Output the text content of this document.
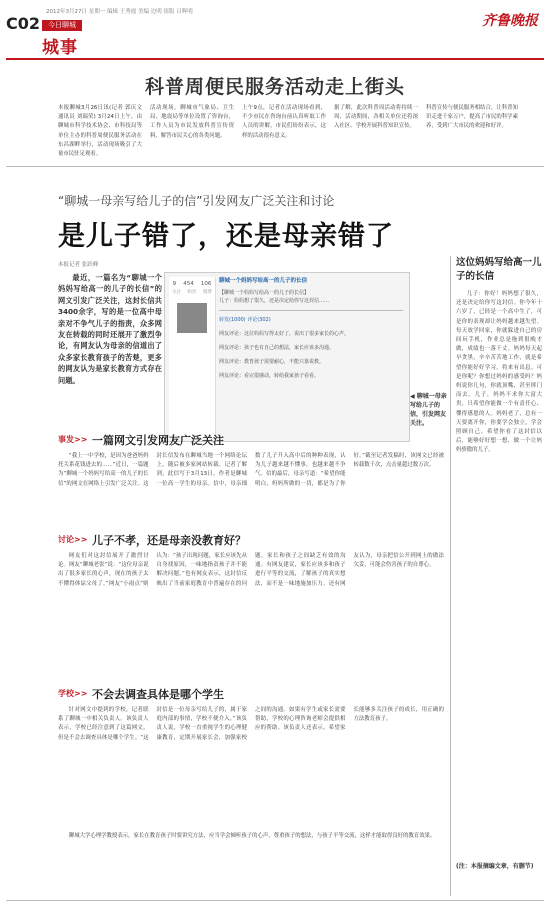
C02
2012年3月27日 星期一 编辑 王秀霞 美编 边明 组版 吕辉明
今日聊城
城事
齐鲁晚报
科普周便民服务活动走上街头
本报聊城3月26日讯(记者 郭庆文 通讯员 刘瑞荣) 3月24日上午，由聊城市科学技术协会、市科技局等单位主办的科普周便民服务活动在东昌湖畔举行，活动现场吸引了大量市民驻足观看。
活动现场，聊城市气象局、卫生局、地震局等单位设置了咨询台，工作人员为市民发放科普宣传资料，解答市民关心的各类问题。
上午9点，记者在活动现场看到，不少市民在咨询台前认真听取工作人员的讲解，市民们纷纷表示，这样的活动很有意义。
据了解，此次科普周活动将持续一周，活动期间，各相关单位还将深入社区、学校开展科普知识宣传。
科普宣传与便民服务相结合，让科普知识走进千家万户，提高了市民的科学素养，受到广大市民的欢迎和好评。
“聊城一母亲写给儿子的信”引发网友广泛关注和讨论
是儿子错了，还是母亲错了
本报记者 张跃峰
最近，一篇名为“聊城一个妈妈写给高一的儿子的长信”的网文引发广泛关注，这封长信共3400余字，写的是一位高中母亲对不争气儿子的指责，众多网友在转载的同时还展开了激烈争论，有网友认为母亲的信道出了众多家长教育孩子的苦楚，更多的网友认为是家长教育方式存在问题。
9 454 106
关注 粉丝 微博
聊城一个妈妈写给高一的儿子的长信
【聊城一个妈妈写给高一的儿子的长信】
儿子：妈妈想了很久，还是决定给你写这封信……
转发(1000) 评论(302)
网友评论：这位妈妈写得太好了，说出了很多家长的心声。
网友评论：孩子也有自己的想法，家长应该多沟通。
网友评论：教育孩子需要耐心，不能只靠说教。
网友评论：看完很感动，转给我家孩子看看。
◀ 聊城一母亲写给儿子的信，引发网友关注。
这位妈妈写给高一儿子的长信
儿子：你好！妈妈想了很久，还是决定给你写这封信。你今年十六岁了，已经是一个高中生了，可是你的表现却让妈妈越来越失望。每天放学回家，你就躲进自己的房间玩手机，作业总是拖到很晚才做，成绩也一落千丈。妈妈每天起早贪黑，辛辛苦苦地工作，就是希望你能好好学习，将来有出息。可是你呢？你想过妈妈的感受吗？妈妈说你几句，你就顶嘴，甚至摔门而去。儿子，妈妈不求你大富大贵，只希望你能做一个有责任心、懂得感恩的人。妈妈老了，总有一天要离开你，你要学会独立，学会照顾自己。希望你看了这封信以后，能够好好想一想，做一个让妈妈骄傲的儿子。
(注：本报摘编文章，有删节)
事发>> 一篇网文引发网友广泛关注
“我上一中学校，是因为爸爸妈妈托关系花钱进去的……”近日，一篇题为“聊城一个妈妈写给高一的儿子的长信”的网文在网络上引发广泛关注。这封长信发布在聊城当地一个网络论坛上，随后被多家网站转载。记者了解到，此信写于3月13日，作者是聊城一位高一学生的母亲。信中，母亲细数了儿子升入高中后的种种表现，认为儿子越来越不懂事，也越来越不争气。信的最后，母亲写道：“希望你能明白，妈妈所做的一切，都是为了你好。”截至记者发稿时，该网文已经被转载数千次，点击量超过数万次。
讨论>> 儿子不孝，还是母亲没教育好？
网友们对这封信展开了激烈讨论。网友“聊城老张”说：“这位母亲说出了很多家长的心声，现在的孩子太不懂得体谅父母了。”网友“小雨点”则认为：“孩子出现问题，家长应该先从自身找原因，一味地指责孩子并不能解决问题。”也有网友表示，这封信反映出了当前家庭教育中普遍存在的问题，家长和孩子之间缺乏有效的沟通。有网友建议，家长应该多和孩子进行平等的交流，了解孩子的真实想法，而不是一味地施加压力。还有网友认为，母亲把信公开到网上的做法欠妥，可能会伤害孩子的自尊心。
学校>> 不会去调查具体是哪个学生
针对网文中提到的学校，记者联系了聊城一中相关负责人。该负责人表示，学校已经注意到了这篇网文，但是不会去调查具体是哪个学生。“这封信是一位母亲写给儿子的，属于家庭内部的事情，学校不便介入。”该负责人说，学校一直重视学生的心理健康教育，定期开展家长会，加强家校之间的沟通。如果有学生或家长需要帮助，学校的心理咨询老师会提供相应的帮助。该负责人还表示，希望家长能够多关注孩子的成长，用正确的方法教育孩子。
聊城大学心理学教授表示，家长在教育孩子时要讲究方法，应当学会倾听孩子的心声，尊重孩子的想法，与孩子平等交流，这样才能取得良好的教育效果。
